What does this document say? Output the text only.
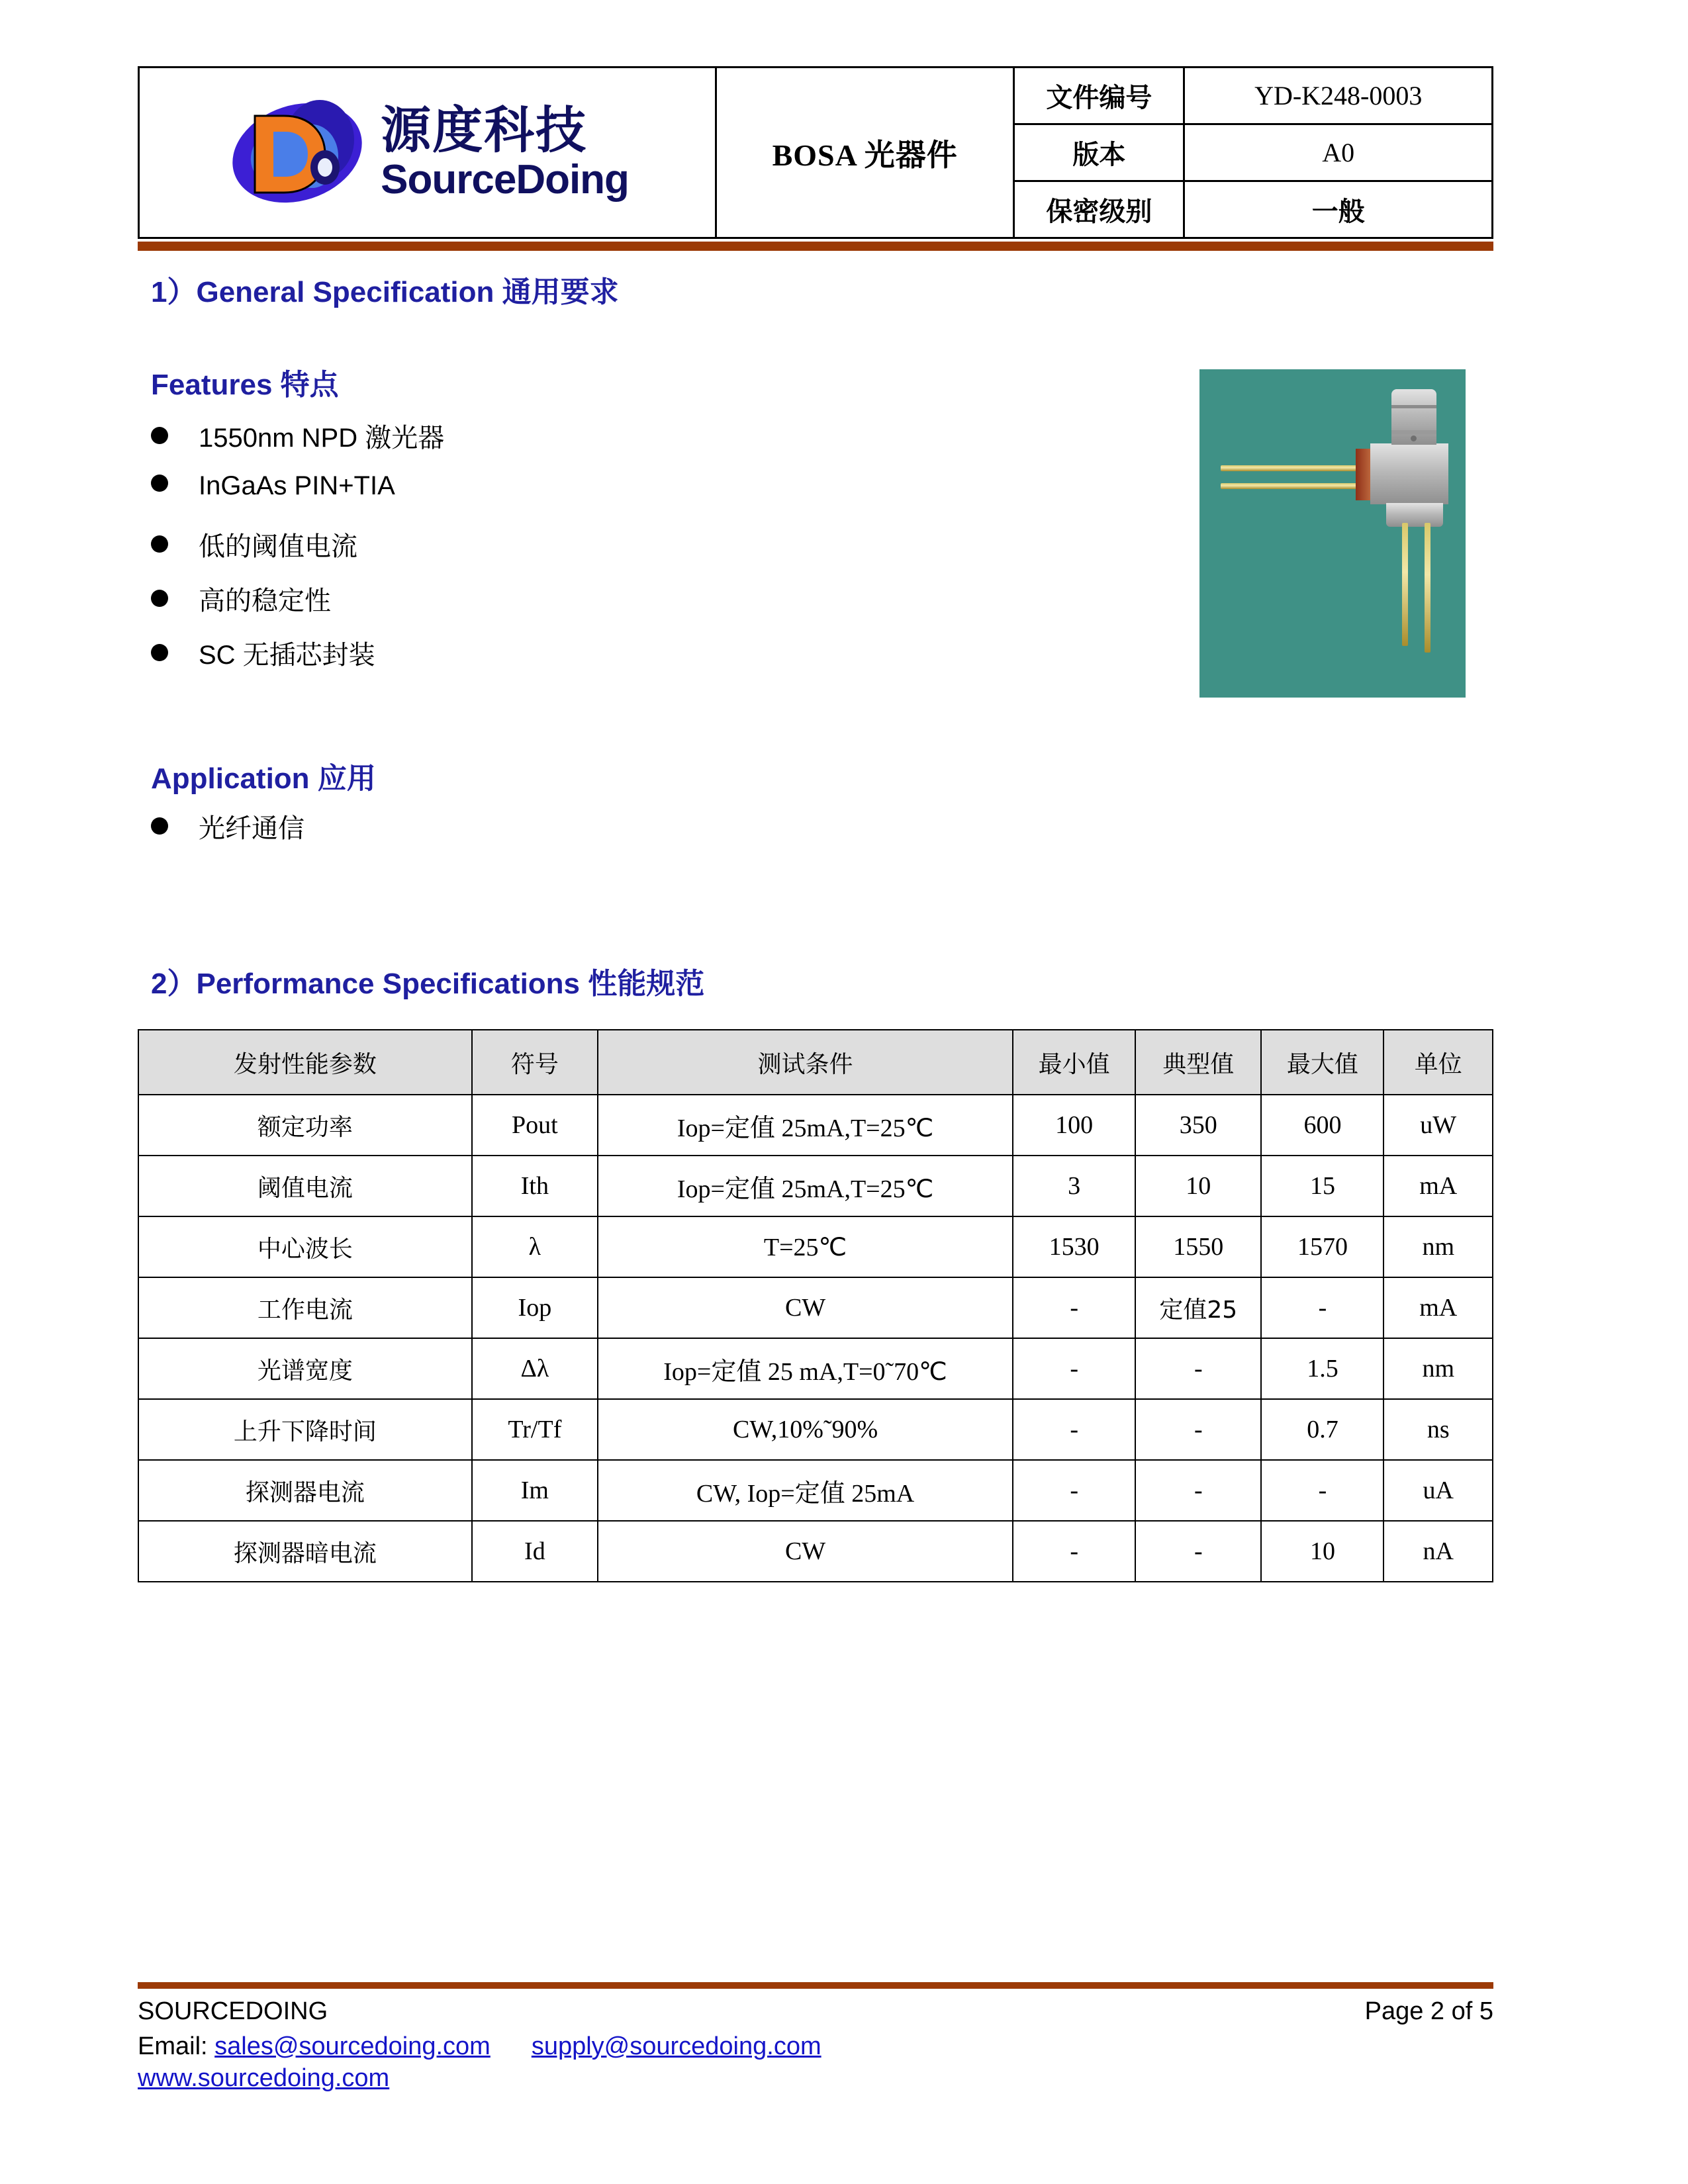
源度科技
SourceDoing	BOSA 光器件	文件编号	YD-K248-0003
		版本	A0
		保密级别	一般
1）General Specification 通用要求
Features 特点
1550nm NPD 激光器
InGaAs PIN+TIA
低的阈值电流
高的稳定性
SC 无插芯封装
Application 应用
光纤通信
2）Performance Specifications 性能规范
发射性能参数	符号	测试条件	最小值	典型值	最大值	单位
额定功率	Pout	Iop=定值 25mA,T=25℃	100	350	600	uW
阈值电流	Ith	Iop=定值 25mA,T=25℃	3	10	15	mA
中心波长	λ	T=25℃	1530	1550	1570	nm
工作电流	Iop	CW	-	定值25	-	mA
光谱宽度	Δλ	Iop=定值 25 mA,T=0˜70℃	-	-	1.5	nm
上升下降时间	Tr/Tf	CW,10%˜90%	-	-	0.7	ns
探测器电流	Im	CW, Iop=定值 25mA	-	-	-	uA
探测器暗电流	Id	CW	-	-	10	nA
SOURCEDOING	Page 2 of 5
Email: sales@sourcedoing.com supply@sourcedoing.com
www.sourcedoing.com
